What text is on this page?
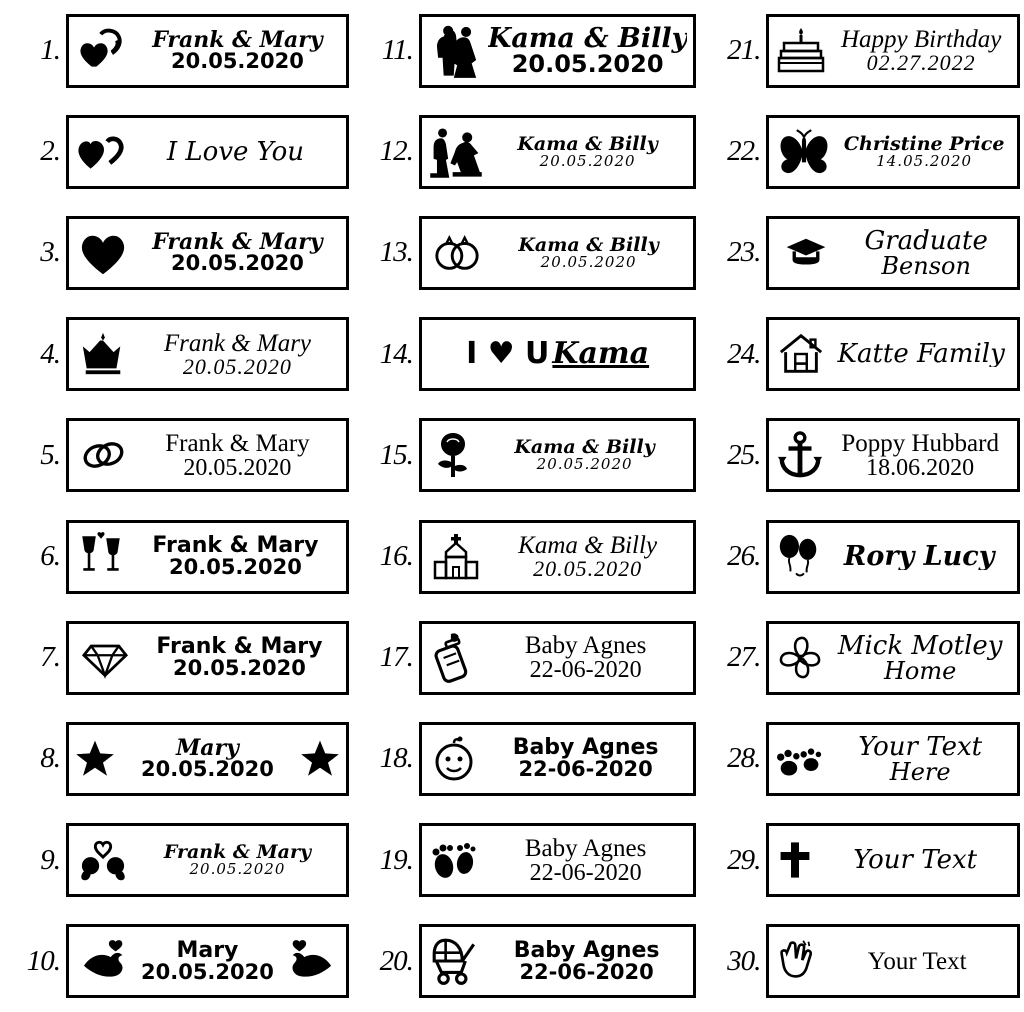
1.	Frank & Mary
20.05.2020	11.	Kama & Billy
20.05.2020	21.	Happy Birthday
02.27.2022
2.	I Love You	12.	Kama & Billy
20.05.2020	22.	Christine Price
14.05.2020
3.	Frank & Mary
20.05.2020	13.	Kama & Billy
20.05.2020	23.	Graduate
Benson
4.	Frank & Mary
20.05.2020	14. I ♥ U Kama	24.	Katte Family
5.	Frank & Mary
20.05.2020	15.	Kama & Billy
20.05.2020	25.	Poppy Hubbard
18.06.2020
6.	Frank & Mary
20.05.2020	16.	Kama & Billy
20.05.2020	26.	Rory Lucy
7.	Frank & Mary
20.05.2020	17.	Baby Agnes
22-06-2020	27.	Mick Motley
Home
8.	Mary
20.05.2020	18.	Baby Agnes
22-06-2020	28.	Your Text
Here
9.	Frank & Mary
20.05.2020	19.	Baby Agnes
22-06-2020	29.	Your Text
10.	Mary
20.05.2020	20.	Baby Agnes
22-06-2020	30.	Your Text
